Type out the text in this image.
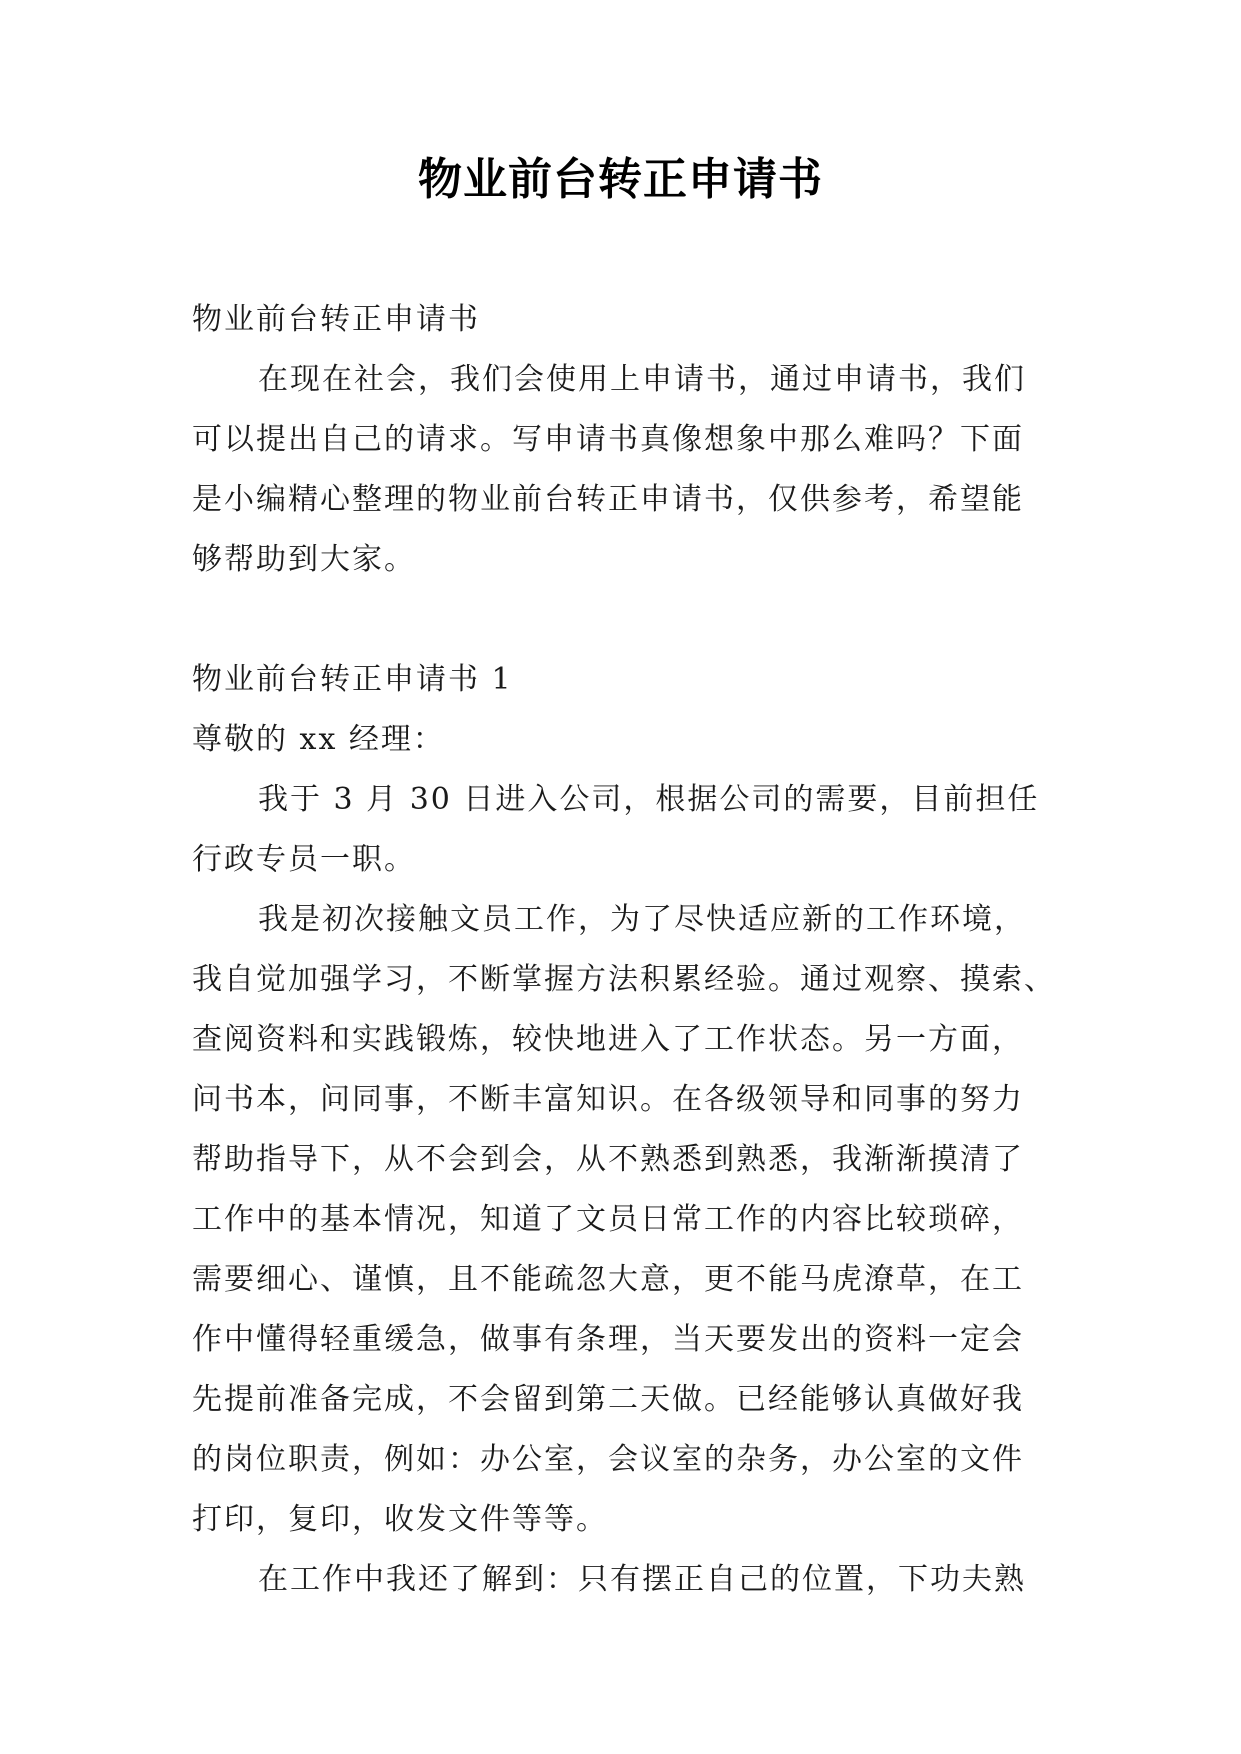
物业前台转正申请书
物业前台转正申请书
在现在社会，我们会使用上申请书，通过申请书，我们
可以提出自己的请求。写申请书真像想象中那么难吗？下面
是小编精心整理的物业前台转正申请书，仅供参考，希望能
够帮助到大家。
物业前台转正申请书 1
尊敬的 xx 经理：
我于 3 月 30 日进入公司，根据公司的需要，目前担任
行政专员一职。
我是初次接触文员工作，为了尽快适应新的工作环境，
我自觉加强学习，不断掌握方法积累经验。通过观察、摸索、
查阅资料和实践锻炼，较快地进入了工作状态。另一方面，
问书本，问同事，不断丰富知识。在各级领导和同事的努力
帮助指导下，从不会到会，从不熟悉到熟悉，我渐渐摸清了
工作中的基本情况，知道了文员日常工作的内容比较琐碎，
需要细心、谨慎，且不能疏忽大意，更不能马虎潦草，在工
作中懂得轻重缓急，做事有条理，当天要发出的资料一定会
先提前准备完成，不会留到第二天做。已经能够认真做好我
的岗位职责，例如：办公室，会议室的杂务，办公室的文件
打印，复印，收发文件等等。
在工作中我还了解到：只有摆正自己的位置，下功夫熟
